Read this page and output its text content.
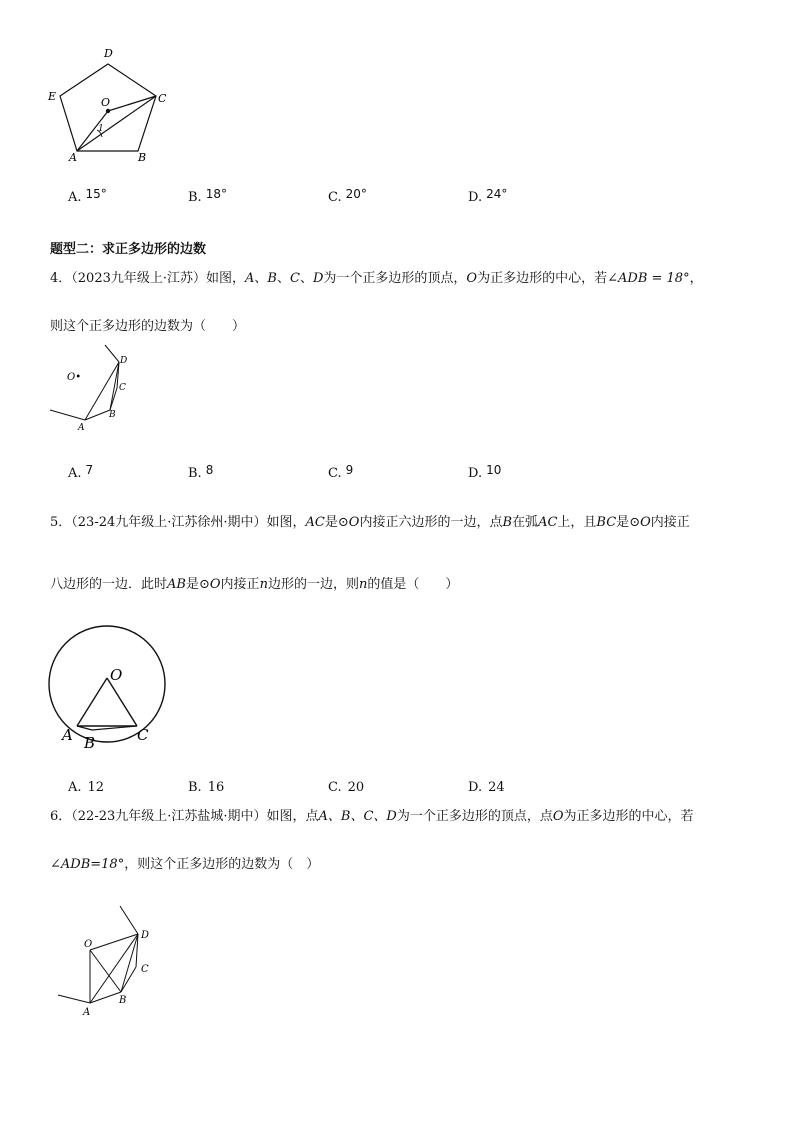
D
E	O	C
A	B
1
A. 15°	B. 18°	C. 20°	D. 24°
题型二：求正多边形的边数
4．（2023九年级上·江苏）如图，A、B、C、D为一个正多边形的顶点，O为正多边形的中心，若∠ADB = 18°，
则这个正多边形的边数为（　　）
O•
D
C
B
A
A. 7	B. 8	C. 9	D. 10
5．（23-24九年级上·江苏徐州·期中）如图，AC是⊙O内接正六边形的一边，点B在弧AC上，且BC是⊙O内接正
八边形的一边．此时AB是⊙O内接正n边形的一边，则n的值是（　　）
O
A B	C
A. 12	B. 16	C. 20	D. 24
6．（22-23九年级上·江苏盐城·期中）如图，点A、B、C、D为一个正多边形的顶点，点O为正多边形的中心，若
∠ADB=18°，则这个正多边形的边数为（　）
O
D
C
B
A
